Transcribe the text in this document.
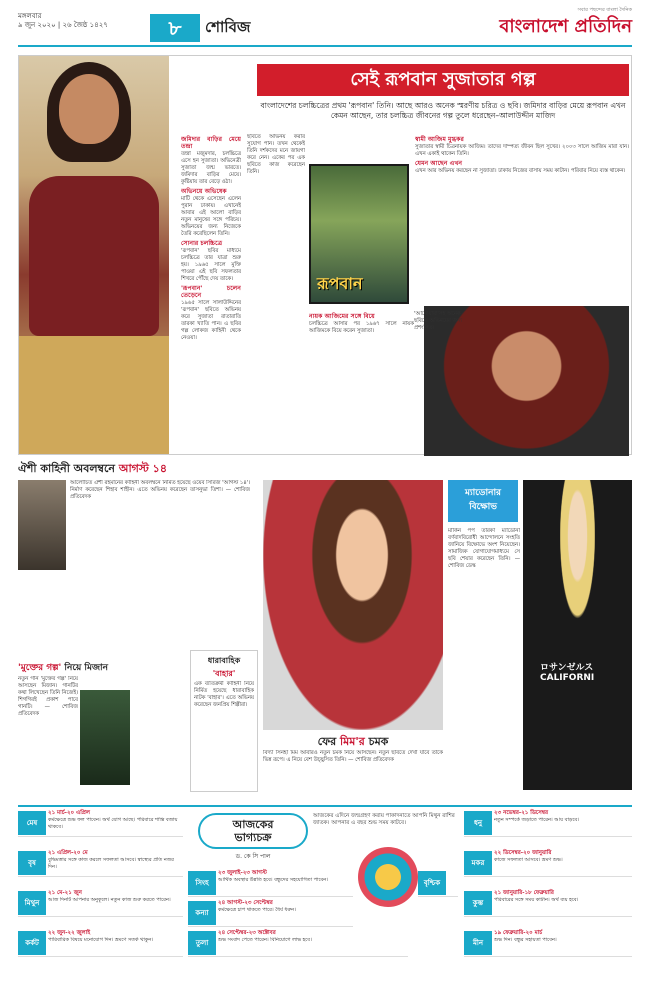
মঙ্গলবার
৯ জুন ২০২০ | ২৬ জৈষ্ঠ ১৪২৭	৮	শোবিজ
সবার পছন্দের বাংলা দৈনিক
বাংলাদেশ প্রতিদিন
সেই রূপবান সুজাতার গল্প
বাংলাদেশের চলচ্চিত্রের প্রথম 'রূপবান' তিনি। আছে আরও অনেক স্মরণীয় চরিত্র ও ছবি। জমিদার বাড়ির মেয়ে রূপবান এখন কেমন আছেন, তার চলচ্চিত্র জীবনের গল্প তুলে ধরেছেন–আলাউদ্দীন মাজিদ
জমিদার বাড়ির মেয়ে তন্দ্রা
তন্দ্রা মজুমদার, চলচ্চিত্রে এসে হন সুজাতা। অভিনেত্রী সুজাতা জন্ম ভারতে। জমিদার বাড়ির মেয়ে। কুষ্টিয়ায় তার বেড়ে ওঠা।
অভিনয়ে অভিষেক
মাটি থেকে এসেছেন এলেন পুরান ঢাকায়। এখানেই আবার এই আলো বাড়ির নতুন মানুষের সঙ্গে পরিচয়। অভিনয়ের জন্য নিজেকে তৈরি করেছিলেন তিনি।
সোনার চলচ্চিত্রে
'রূপবান' ছবির মাধ্যমে চলচ্চিত্রে তার যাত্রা শুরু হয়। ১৯৬৫ সালে মুক্তি পাওয়া এই ছবি সফলতার শিখরে পৌঁছে দেয় তাকে।
'রূপবান' চলেন তেড়েনে
১৯৬৫ সালে সালাউদ্দিনের 'রূপবান' ছবিতে অভিনয় করে সুজাতা রাতারাতি তারকা খ্যাতি পান। এ ছবির গল্প লোকজ কাহিনী থেকে নেওয়া।
ছবিতে অভিনয় করার সুযোগ পান। তখন থেকেই তিনি দর্শকদের মনে জায়গা করে নেন। একের পর এক ছবিতে কাজ করেছেন তিনি।
রূপবান
স্বামী আজিম মুগ্ধকর
সুজাতার স্বামী চিত্রনায়ক আজিম। তাদের দাম্পত্য জীবন ছিল সুখের। ২০০৩ সালে আজিম মারা যান। এখন একাই থাকেন তিনি।
যেমন আছেন এখন
এখন আর অভিনয় করছেন না সুজাতা। ঢাকায় নিজের বাসায় সময় কাটান। পরিবার নিয়ে ব্যস্ত থাকেন।
নায়ক আজিমের সঙ্গে বিয়ে
চলচ্চিত্রে আসার পর ১৯৬৭ সালে নায়ক আজিমকে বিয়ে করেন সুজাতা।
'আনোয়ারা'সহ অনেক ছবিতে অভিনয়ের জন্য প্রশংসিত।
ঐশী কাহিনী অবলম্বনে আগস্ট ১৪
আলোচিত ঐশী রহমানের কাহিনী অবলম্বনে নির্মিত হয়েছে ওয়েব সিরিজ 'আগস্ট ১৪'। নির্মাণ করেছেন শিহাব শাহীন। এতে অভিনয় করেছেন তাসনুভা তিশা। — শোবিজ প্রতিবেদক
'মুক্তের গল্প' নিয়ে মিজান
নতুন গান 'মুক্তের গল্প' নিয়ে আসছেন মিজান। গানটির কথা লিখেছেন তিনি নিজেই। শিগগিরই প্রকাশ পাবে গানটি। — শোবিজ প্রতিবেদক
ধারাবাহিক
'বাহার'
এক ব্যতিক্রমী কাহিনী নিয়ে নির্মিত হয়েছে ধারাবাহিক নাটক 'বাহার'। এতে অভিনয় করেছেন জনপ্রিয় শিল্পীরা।
ফের মিম'র চমক
বিদ্যা সিনহা মিম আবারও নতুন চমক নিয়ে আসছেন। নতুন ছবিতে দেখা যাবে তাকে ভিন্ন রূপে। এ নিয়ে বেশ উচ্ছ্বসিত তিনি। — শোবিজ প্রতিবেদক
ম্যাডোনার
বিক্ষোভ
মার্কিন পপ তারকা ম্যাডোনা বর্ণবাদবিরোধী আন্দোলনে সংহতি জানিয়ে বিক্ষোভে অংশ নিয়েছেন। সামাজিক যোগাযোগমাধ্যমে সে ছবি শেয়ার করেছেন তিনি। — শোবিজ ডেস্ক
ロサンゼルス
CALIFORNI
আজকের
ভাগ্যচক্র
ড. কে সি পাল
আজকের এদিনে জন্মগ্রহণ করায় পাকাদনাতে আপনি মিথুন রাশির জাতক। আপনার এ বছর শুভ সময় কাটবে।
মেষ
২১ মার্চ-২০ এপ্রিল
কর্মক্ষেত্রে শুভ ফল পাবেন। অর্থ যোগ আছে। পরিবারে শান্তি বজায় থাকবে।
বৃষ
২১ এপ্রিল-২০ মে
বুদ্ধিমত্তার সঙ্গে কাজ করলে সফলতা আসবে। স্বাস্থ্যের প্রতি নজর দিন।
মিথুন
২১ মে-২১ জুন
আজ দিনটি আপনার অনুকূলে। নতুন কাজ শুরু করতে পারেন।
কর্কট
২২ জুন-২২ জুলাই
পারিবারিক বিষয়ে মনোযোগ দিন। ভ্রমণে সতর্ক থাকুন।
সিংহ
২৩ জুলাই-২৩ আগস্ট
আর্থিক অবস্থার উন্নতি হবে। বন্ধুদের সহযোগিতা পাবেন।
কন্যা
২৪ আগস্ট-২৩ সেপ্টেম্বর
কর্মক্ষেত্রে চাপ থাকতে পারে। ধৈর্য ধরুন।
তুলা
২৪ সেপ্টেম্বর-২৩ অক্টোবর
শুভ সংবাদ পেতে পারেন। বিনিয়োগে লাভ হবে।
বৃশ্চিক
ধনু
২৩ নভেম্বর-২১ ডিসেম্বর
নতুন সম্পর্কে জড়াতে পারেন। আয় বাড়বে।
মকর
২২ ডিসেম্বর-২০ জানুয়ারি
কাজে সফলতা আসবে। ভ্রমণ শুভ।
কুম্ভ
২১ জানুয়ারি-১৮ ফেব্রুয়ারি
পরিবারের সঙ্গে সময় কাটান। অর্থ ব্যয় হবে।
মীন
১৯ ফেব্রুয়ারি-২০ মার্চ
শুভ দিন। বন্ধুর সহায়তা পাবেন।
